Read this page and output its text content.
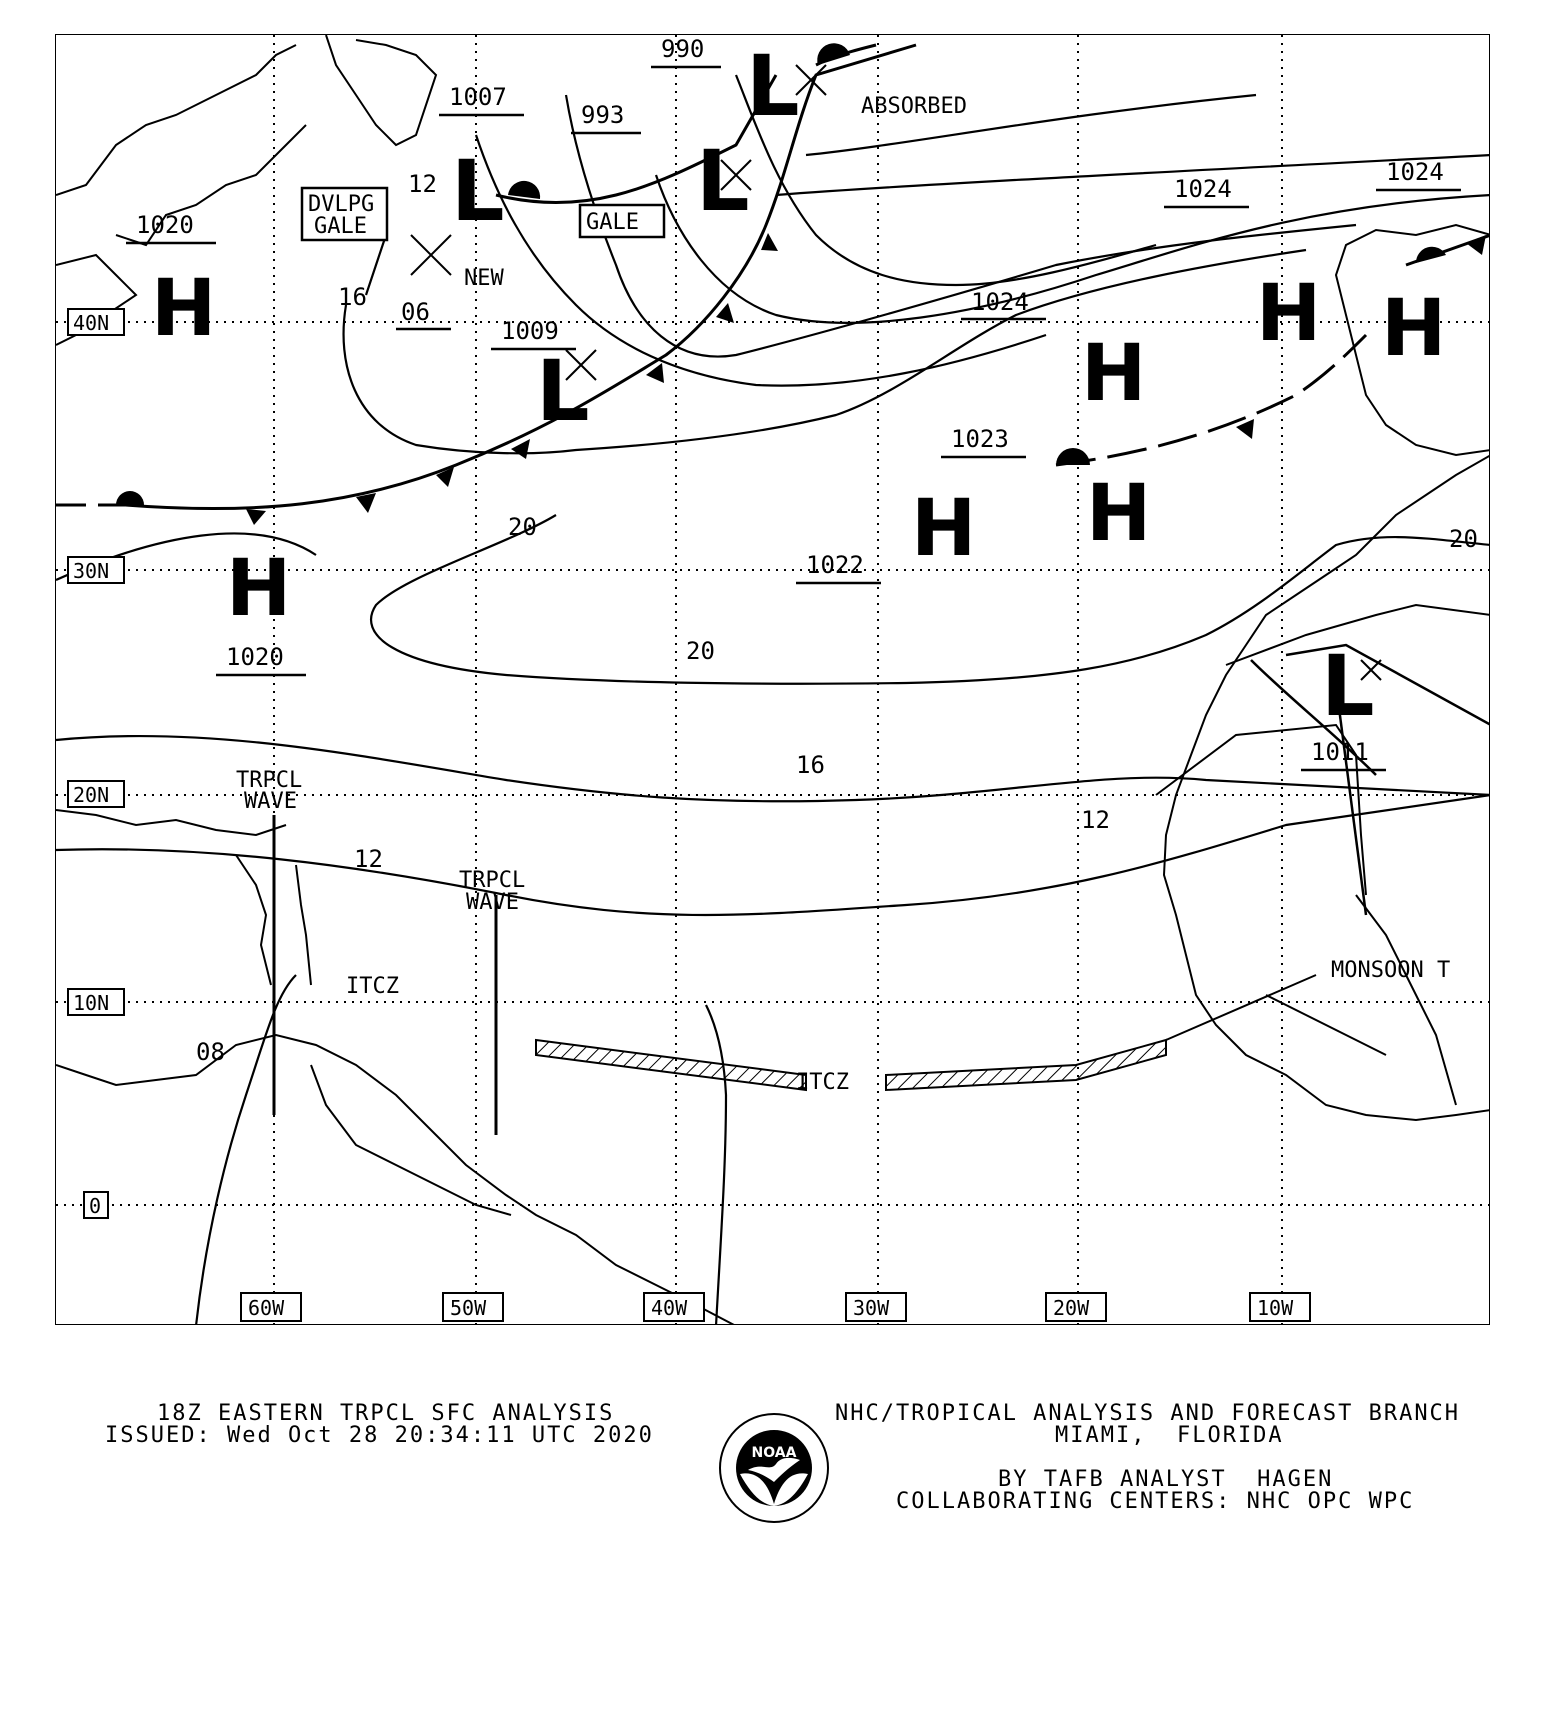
H
H
H H
H
H H
L
L
L
L
L
1020
1020
1024
1023
1022
1024
1024
1007
993
990
1009
1011
12
16
20
20
20
16
12
12
08
06
DVLPG
GALE	GALE
ABSORBED
NEW
TRPCL
WAVE
TRPCL
WAVE
ITCZ
ITCZ
MONSOON T
40N
30N
20N
10N
0
60W	50W	40W	30W	20W	10W
18Z EASTERN TRPCL SFC ANALYSIS
ISSUED: Wed Oct 28 20:34:11 UTC 2020
NHC/TROPICAL ANALYSIS AND FORECAST BRANCH
MIAMI,  FLORIDA
BY TAFB ANALYST  HAGEN
COLLABORATING CENTERS: NHC OPC WPC
NOAA
